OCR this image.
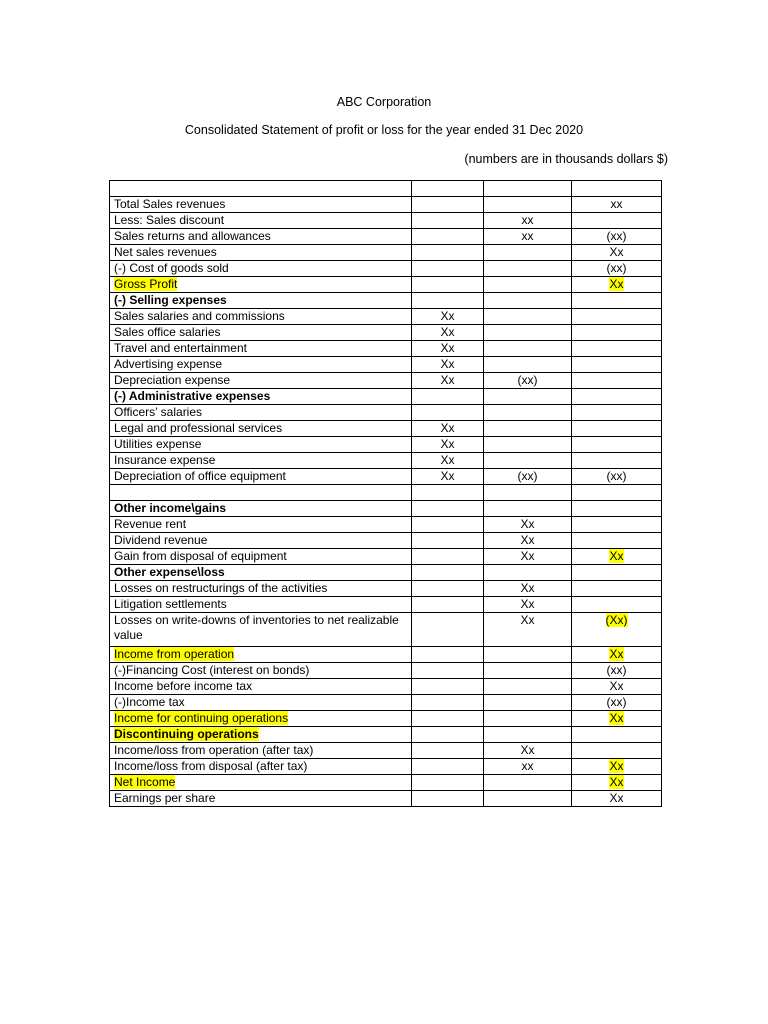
ABC Corporation
Consolidated Statement of profit or loss for the year ended 31 Dec 2020
(numbers are in thousands dollars $)

Total Sales revenues			xx
Less: Sales discount		xx	
Sales returns and allowances		xx	(xx)
Net sales revenues			Xx
(-) Cost of goods sold			(xx)
Gross Profit			Xx
(-) Selling expenses			
Sales salaries and commissions	Xx		
Sales office salaries	Xx		
Travel and entertainment	Xx		
Advertising expense	Xx		
Depreciation expense	Xx	(xx)	
(-) Administrative expenses			
Officers’ salaries			
Legal and professional services	Xx		
Utilities expense	Xx		
Insurance expense	Xx		
Depreciation of office equipment	Xx	(xx)	(xx)

Other income\gains			
Revenue rent		Xx	
Dividend revenue		Xx	
Gain from disposal of equipment		Xx	Xx
Other expense\loss			
Losses on restructurings of the activities		Xx	
Litigation settlements		Xx	
Losses on write-downs of inventories to net realizable value		Xx	(Xx)
Income from operation			Xx
(-)Financing Cost (interest on bonds)			(xx)
Income before income tax			Xx
(-)Income tax			(xx)
Income for continuing operations			Xx
Discontinuing operations			
Income/loss from operation (after tax)		Xx	
Income/loss from disposal (after tax)		xx	Xx
Net Income			Xx
Earnings per share			Xx
